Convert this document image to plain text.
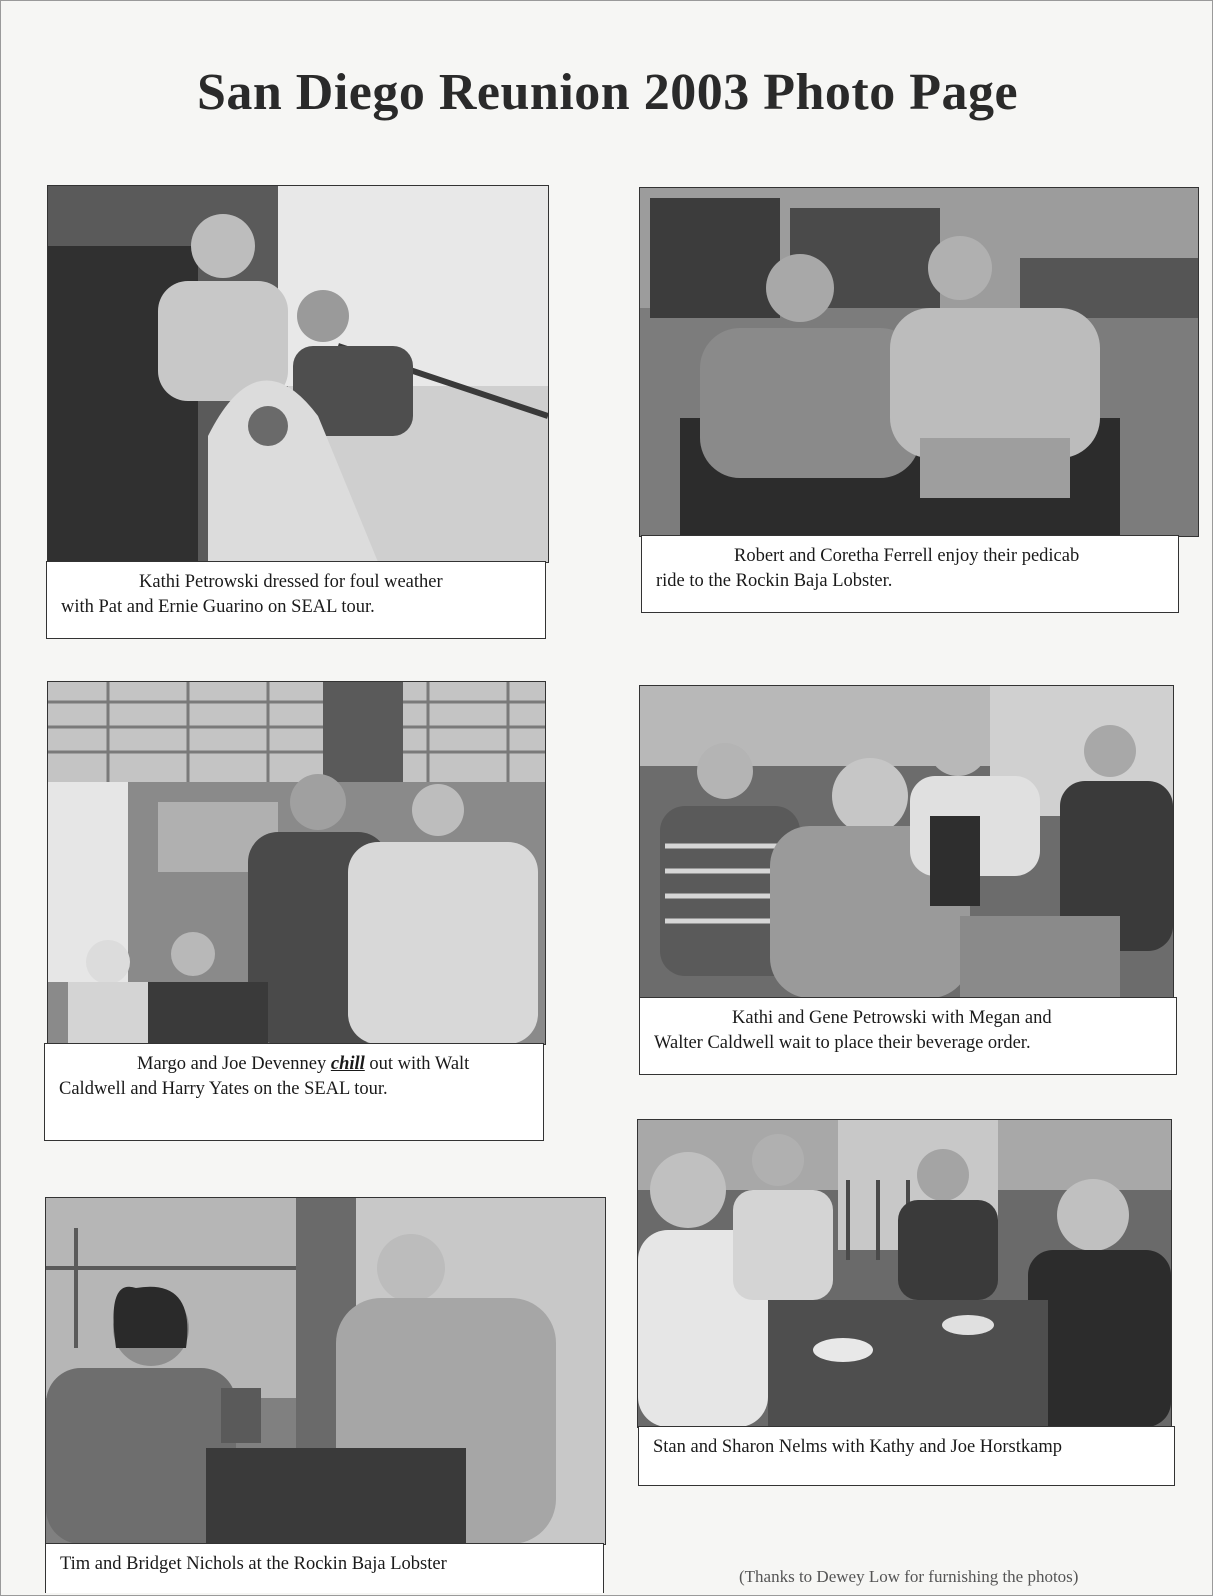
San Diego Reunion 2003 Photo Page
Kathi Petrowski dressed for foul weather
with Pat and Ernie Guarino on SEAL tour.
Robert and Coretha Ferrell enjoy their pedicab
ride to the Rockin Baja Lobster.
Margo and Joe Devenney chill out with Walt
Caldwell and Harry Yates on the SEAL tour.
Kathi and Gene Petrowski with Megan and
Walter Caldwell wait to place their beverage order.
Stan and Sharon Nelms with Kathy and Joe Horstkamp
Tim and Bridget Nichols at the Rockin Baja Lobster
(Thanks to Dewey Low for furnishing the photos)
